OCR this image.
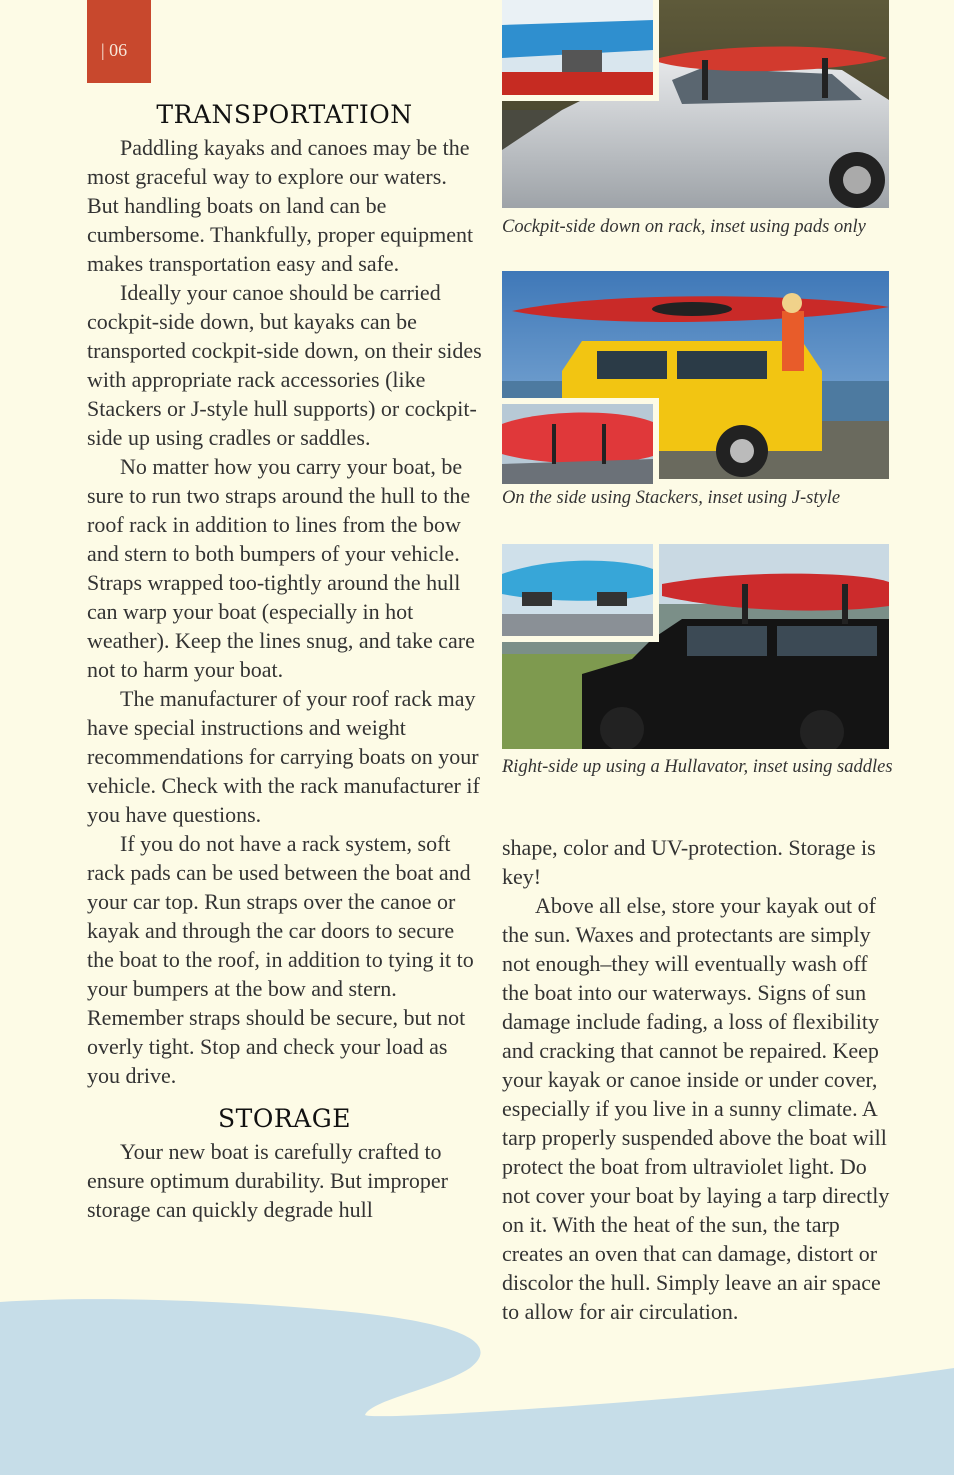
| 06
TRANSPORTATION

Paddling kayaks and canoes may be the most graceful way to explore our waters. But handling boats on land can be cumbersome. Thankfully, proper equipment makes transportation easy and safe.

Ideally your canoe should be carried cockpit-side down, but kayaks can be transported cockpit-side down, on their sides with appropriate rack accessories (like Stackers or J-style hull supports) or cockpit-side up using cradles or saddles.

No matter how you carry your boat, be sure to run two straps around the hull to the roof rack in addition to lines from the bow and stern to both bumpers of your vehicle. Straps wrapped too-tightly around the hull can warp your boat (especially in hot weather). Keep the lines snug, and take care not to harm your boat.

The manufacturer of your roof rack may have special instructions and weight recommendations for carrying boats on your vehicle. Check with the rack manufacturer if you have questions.

If you do not have a rack system, soft rack pads can be used between the boat and your car top. Run straps over the canoe or kayak and through the car doors to secure the boat to the roof, in addition to tying it to your bumpers at the bow and stern. Remember straps should be secure, but not overly tight. Stop and check your load as you drive.

STORAGE

Your new boat is carefully crafted to ensure optimum durability. But improper storage can quickly degrade hull

Cockpit-side down on rack, inset using pads only
On the side using Stackers, inset using J-style
Right-side up using a Hullavator, inset using saddles

shape, color and UV-protection. Storage is key!

Above all else, store your kayak out of the sun. Waxes and protectants are simply not enough–they will eventually wash off the boat into our waterways. Signs of sun damage include fading, a loss of flexibility and cracking that cannot be repaired. Keep your kayak or canoe inside or under cover, especially if you live in a sunny climate. A tarp properly suspended above the boat will protect the boat from ultraviolet light. Do not cover your boat by laying a tarp directly on it. With the heat of the sun, the tarp creates an oven that can damage, distort or discolor the hull. Simply leave an air space to allow for air circulation.
